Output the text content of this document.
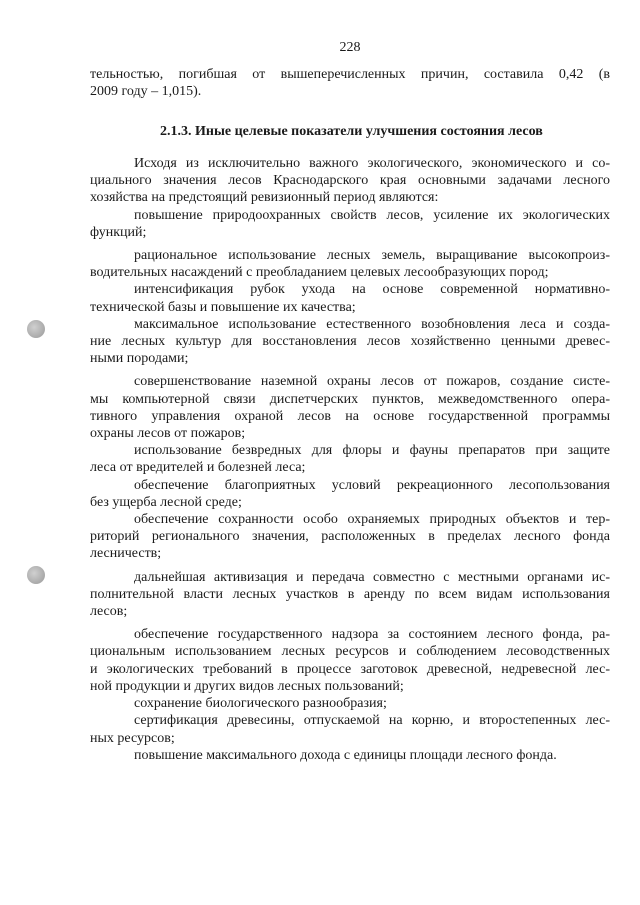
228
тельностью, погибшая от вышеперечисленных причин, составила 0,42 (в
2009 году – 1,015).
2.1.3. Иные целевые показатели улучшения состояния лесов
Исходя из исключительно важного экологического, экономического и со-
циального значения лесов Краснодарского края основными задачами лесного
хозяйства на предстоящий ревизионный период являются:
повышение природоохранных свойств лесов, усиление их экологических
функций;
рациональное использование лесных земель, выращивание высокопроиз-
водительных насаждений с преобладанием целевых лесообразующих пород;
интенсификация рубок ухода на основе современной нормативно-
технической базы и повышение их качества;
максимальное использование естественного возобновления леса и созда-
ние лесных культур для восстановления лесов хозяйственно ценными древес-
ными породами;
совершенствование наземной охраны лесов от пожаров, создание систе-
мы компьютерной связи диспетчерских пунктов, межведомственного опера-
тивного управления охраной лесов на основе государственной программы
охраны лесов от пожаров;
использование безвредных для флоры и фауны препаратов при защите
леса от вредителей и болезней леса;
обеспечение благоприятных условий рекреационного лесопользования
без ущерба лесной среде;
обеспечение сохранности особо охраняемых природных объектов и тер-
риторий регионального значения, расположенных в пределах лесного фонда
лесничеств;
дальнейшая активизация и передача совместно с местными органами ис-
полнительной власти лесных участков в аренду по всем видам использования
лесов;
обеспечение государственного надзора за состоянием лесного фонда, ра-
циональным использованием лесных ресурсов и соблюдением лесоводственных
и экологических требований в процессе заготовок древесной, недревесной лес-
ной продукции и других видов лесных пользований;
сохранение биологического разнообразия;
сертификация древесины, отпускаемой на корню, и второстепенных лес-
ных ресурсов;
повышение максимального дохода с единицы площади лесного фонда.
